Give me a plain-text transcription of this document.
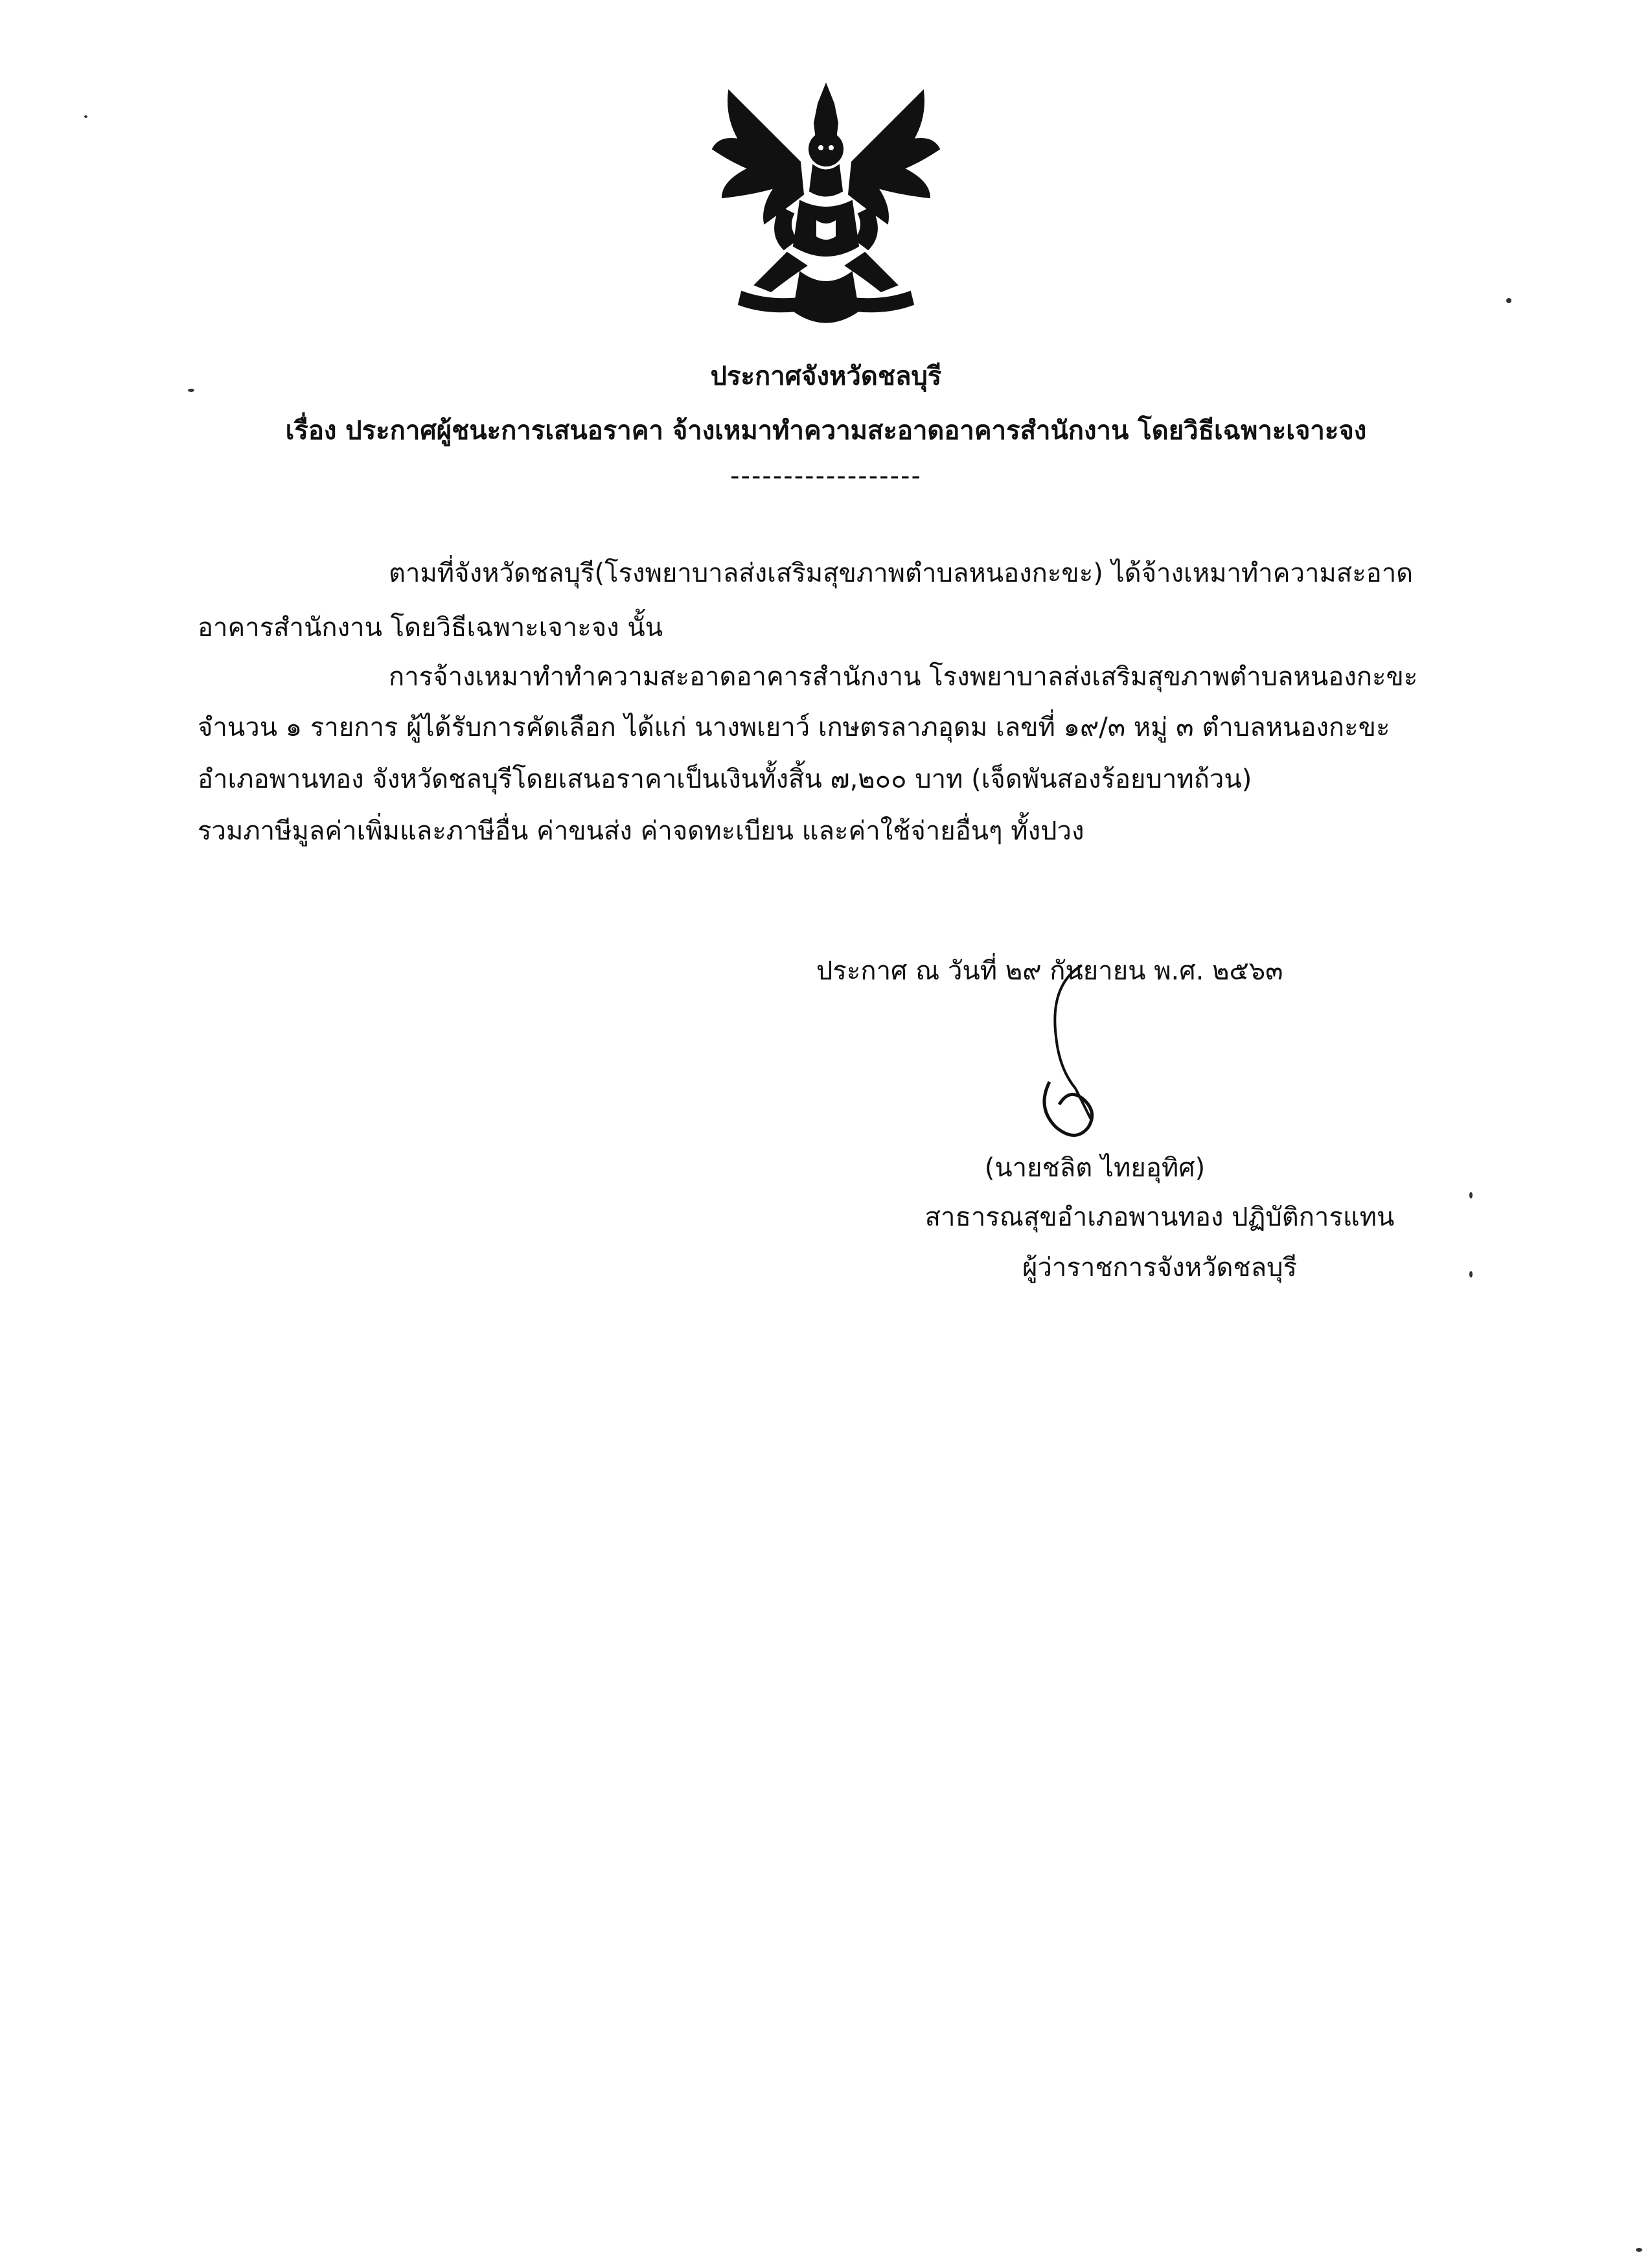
ประกาศจังหวัดชลบุรี
เรื่อง ประกาศผู้ชนะการเสนอราคา จ้างเหมาทำความสะอาดอาคารสำนักงาน โดยวิธีเฉพาะเจาะจง
------------------
ตามที่จังหวัดชลบุรี(โรงพยาบาลส่งเสริมสุขภาพตำบลหนองกะขะ) ได้จ้างเหมาทำความสะอาด
อาคารสำนักงาน โดยวิธีเฉพาะเจาะจง นั้น
การจ้างเหมาทำทำความสะอาดอาคารสำนักงาน โรงพยาบาลส่งเสริมสุขภาพตำบลหนองกะขะ
จำนวน ๑ รายการ ผู้ได้รับการคัดเลือก ได้แก่ นางพเยาว์ เกษตรลาภอุดม เลขที่ ๑๙/๓ หมู่ ๓ ตำบลหนองกะขะ
อำเภอพานทอง จังหวัดชลบุรีโดยเสนอราคาเป็นเงินทั้งสิ้น ๗,๒๐๐ บาท (เจ็ดพันสองร้อยบาทถ้วน)
รวมภาษีมูลค่าเพิ่มและภาษีอื่น ค่าขนส่ง ค่าจดทะเบียน และค่าใช้จ่ายอื่นๆ ทั้งปวง
ประกาศ ณ วันที่ ๒๙ กันยายน พ.ศ. ๒๕๖๓
(นายชลิต ไทยอุทิศ)
สาธารณสุขอำเภอพานทอง ปฏิบัติการแทน
ผู้ว่าราชการจังหวัดชลบุรี
